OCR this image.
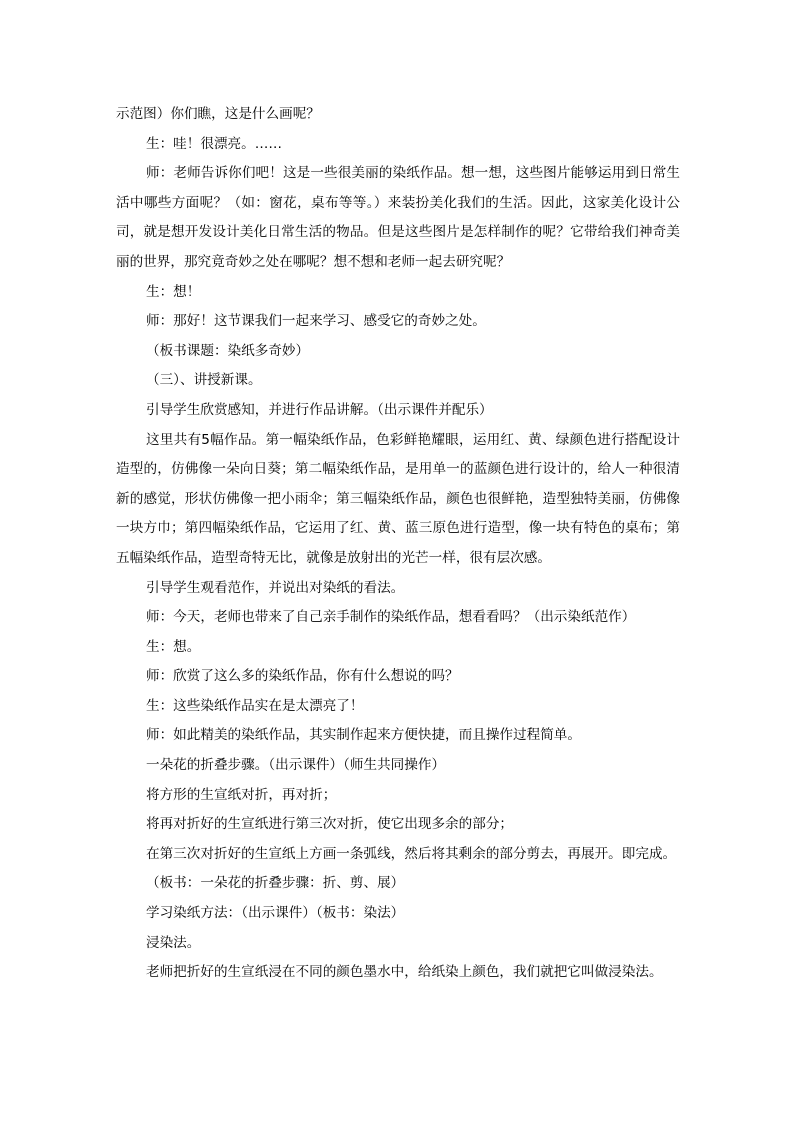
示范图）你们瞧，这是什么画呢？

生：哇！很漂亮。……

师：老师告诉你们吧！这是一些很美丽的染纸作品。想一想，这些图片能够运用到日常生活中哪些方面呢？（如：窗花，桌布等等。）来装扮美化我们的生活。因此，这家美化设计公司，就是想开发设计美化日常生活的物品。但是这些图片是怎样制作的呢？它带给我们神奇美丽的世界，那究竟奇妙之处在哪呢？想不想和老师一起去研究呢？

生：想！

师：那好！这节课我们一起来学习、感受它的奇妙之处。

（板书课题：染纸多奇妙）

（三）、讲授新课。

引导学生欣赏感知，并进行作品讲解。（出示课件并配乐）

这里共有5幅作品。第一幅染纸作品，色彩鲜艳耀眼，运用红、黄、绿颜色进行搭配设计造型的，仿佛像一朵向日葵；第二幅染纸作品，是用单一的蓝颜色进行设计的，给人一种很清新的感觉，形状仿佛像一把小雨伞；第三幅染纸作品，颜色也很鲜艳，造型独特美丽，仿佛像一块方巾；第四幅染纸作品，它运用了红、黄、蓝三原色进行造型，像一块有特色的桌布；第五幅染纸作品，造型奇特无比，就像是放射出的光芒一样，很有层次感。

引导学生观看范作，并说出对染纸的看法。

师：今天，老师也带来了自己亲手制作的染纸作品，想看看吗？（出示染纸范作）

生：想。

师：欣赏了这么多的染纸作品，你有什么想说的吗？

生：这些染纸作品实在是太漂亮了！

师：如此精美的染纸作品，其实制作起来方便快捷，而且操作过程简单。

一朵花的折叠步骤。（出示课件）（师生共同操作）

将方形的生宣纸对折，再对折；

将再对折好的生宣纸进行第三次对折，使它出现多余的部分；

在第三次对折好的生宣纸上方画一条弧线，然后将其剩余的部分剪去，再展开。即完成。

（板书：一朵花的折叠步骤：折、剪、展）

学习染纸方法：（出示课件）（板书：染法）

浸染法。

老师把折好的生宣纸浸在不同的颜色墨水中，给纸染上颜色，我们就把它叫做浸染法。
